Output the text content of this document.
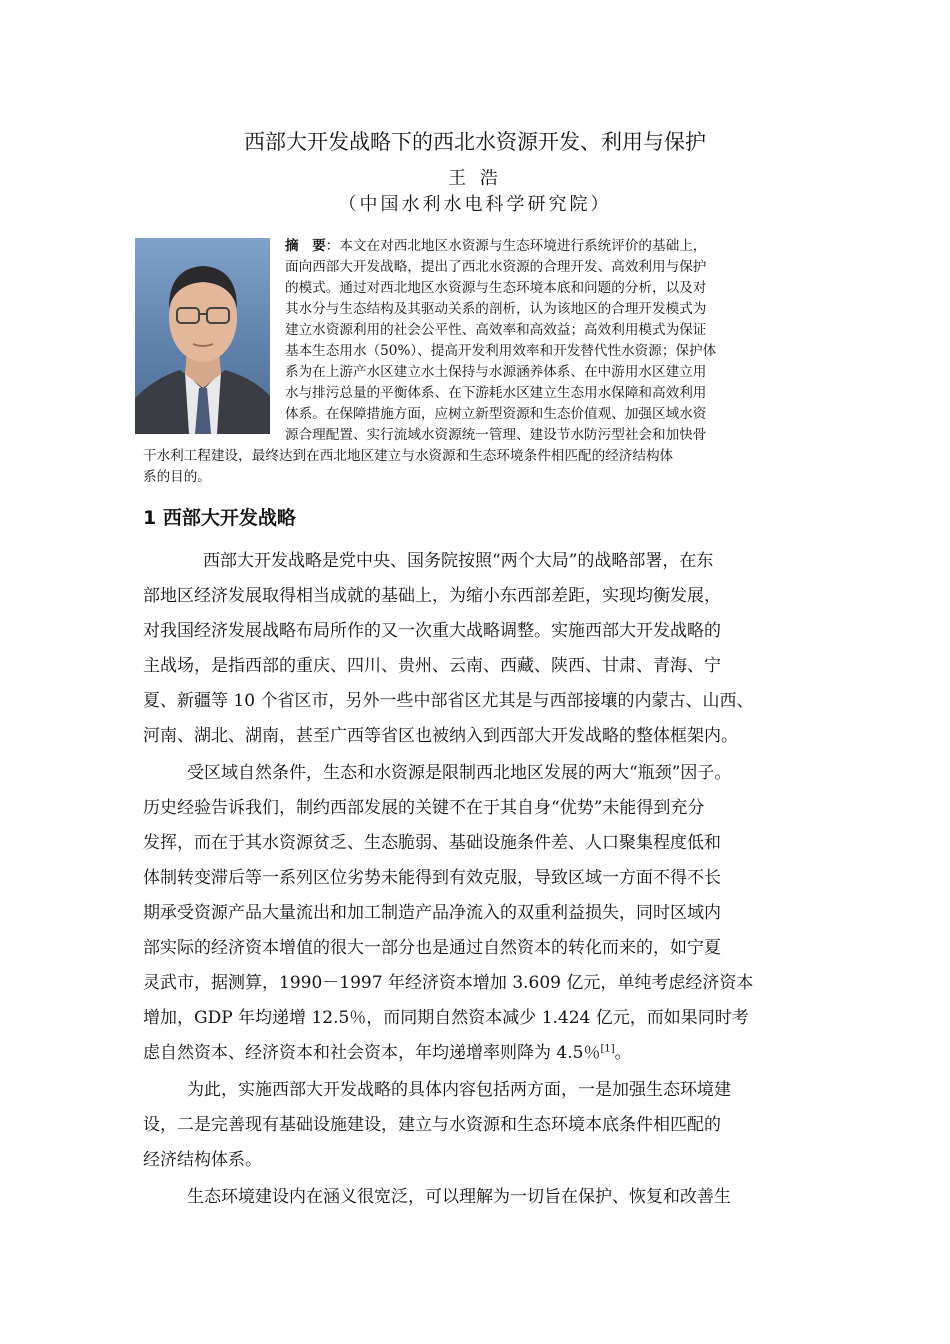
西部大开发战略下的西北水资源开发、利用与保护
王 浩
（中国水利水电科学研究院）
摘　要：本文在对西北地区水资源与生态环境进行系统评价的基础上，
面向西部大开发战略，提出了西北水资源的合理开发、高效利用与保护
的模式。通过对西北地区水资源与生态环境本底和问题的分析，以及对
其水分与生态结构及其驱动关系的剖析，认为该地区的合理开发模式为
建立水资源利用的社会公平性、高效率和高效益；高效利用模式为保证
基本生态用水（50%）、提高开发利用效率和开发替代性水资源；保护体
系为在上游产水区建立水土保持与水源涵养体系、在中游用水区建立用
水与排污总量的平衡体系、在下游耗水区建立生态用水保障和高效利用
体系。在保障措施方面，应树立新型资源和生态价值观、加强区域水资
源合理配置、实行流域水资源统一管理、建设节水防污型社会和加快骨
干水利工程建设，最终达到在西北地区建立与水资源和生态环境条件相匹配的经济结构体
系的目的。
1 西部大开发战略
西部大开发战略是党中央、国务院按照“两个大局”的战略部署，在东
部地区经济发展取得相当成就的基础上，为缩小东西部差距，实现均衡发展，
对我国经济发展战略布局所作的又一次重大战略调整。实施西部大开发战略的
主战场，是指西部的重庆、四川、贵州、云南、西藏、陕西、甘肃、青海、宁
夏、新疆等 10 个省区市，另外一些中部省区尤其是与西部接壤的内蒙古、山西、
河南、湖北、湖南，甚至广西等省区也被纳入到西部大开发战略的整体框架内。
受区域自然条件，生态和水资源是限制西北地区发展的两大“瓶颈”因子。
历史经验告诉我们，制约西部发展的关键不在于其自身“优势”未能得到充分
发挥，而在于其水资源贫乏、生态脆弱、基础设施条件差、人口聚集程度低和
体制转变滞后等一系列区位劣势未能得到有效克服，导致区域一方面不得不长
期承受资源产品大量流出和加工制造产品净流入的双重利益损失，同时区域内
部实际的经济资本增值的很大一部分也是通过自然资本的转化而来的，如宁夏
灵武市，据测算，1990－1997 年经济资本增加 3.609 亿元，单纯考虑经济资本
增加，GDP 年均递增 12.5％，而同期自然资本减少 1.424 亿元，而如果同时考
虑自然资本、经济资本和社会资本，年均递增率则降为 4.5％[1]。
为此，实施西部大开发战略的具体内容包括两方面，一是加强生态环境建
设，二是完善现有基础设施建设，建立与水资源和生态环境本底条件相匹配的
经济结构体系。
生态环境建设内在涵义很宽泛，可以理解为一切旨在保护、恢复和改善生
